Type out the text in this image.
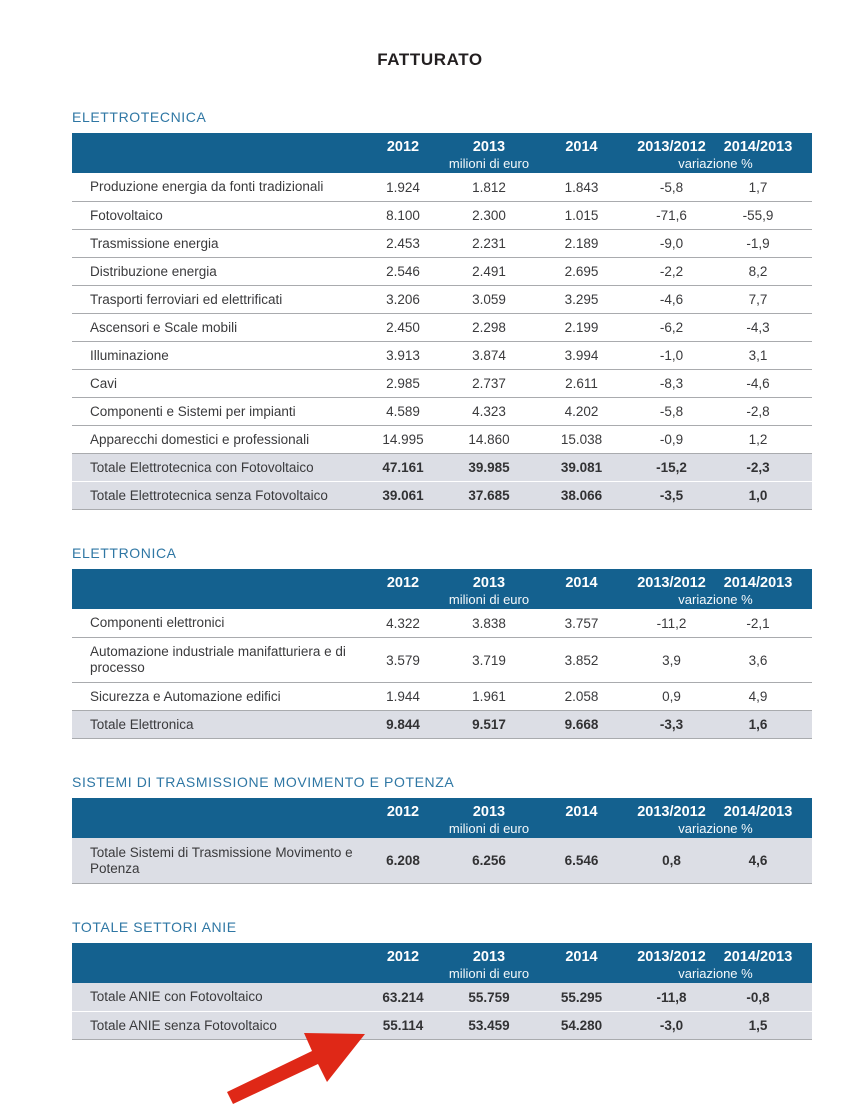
FATTURATO
ELETTROTECNICA
2012	2013	2014	2013/2012	2014/2013
milioni di euro	variazione %
Produzione energia da fonti tradizionali	1.924	1.812	1.843	-5,8	1,7
Fotovoltaico	8.100	2.300	1.015	-71,6	-55,9
Trasmissione energia	2.453	2.231	2.189	-9,0	-1,9
Distribuzione energia	2.546	2.491	2.695	-2,2	8,2
Trasporti ferroviari ed elettrificati	3.206	3.059	3.295	-4,6	7,7
Ascensori e Scale mobili	2.450	2.298	2.199	-6,2	-4,3
Illuminazione	3.913	3.874	3.994	-1,0	3,1
Cavi	2.985	2.737	2.611	-8,3	-4,6
Componenti e Sistemi per impianti	4.589	4.323	4.202	-5,8	-2,8
Apparecchi domestici e professionali	14.995	14.860	15.038	-0,9	1,2
Totale Elettrotecnica con Fotovoltaico	47.161	39.985	39.081	-15,2	-2,3
Totale Elettrotecnica senza Fotovoltaico	39.061	37.685	38.066	-3,5	1,0
ELETTRONICA
2012	2013	2014	2013/2012	2014/2013
milioni di euro	variazione %
Componenti elettronici	4.322	3.838	3.757	-11,2	-2,1
Automazione industriale manifatturiera e di processo	3.579	3.719	3.852	3,9	3,6
Sicurezza e Automazione edifici	1.944	1.961	2.058	0,9	4,9
Totale Elettronica	9.844	9.517	9.668	-3,3	1,6
SISTEMI DI TRASMISSIONE MOVIMENTO E POTENZA
2012	2013	2014	2013/2012	2014/2013
milioni di euro	variazione %
Totale Sistemi di Trasmissione Movimento e Potenza	6.208	6.256	6.546	0,8	4,6
TOTALE SETTORI ANIE
2012	2013	2014	2013/2012	2014/2013
milioni di euro	variazione %
Totale ANIE con Fotovoltaico	63.214	55.759	55.295	-11,8	-0,8
Totale ANIE senza Fotovoltaico	55.114	53.459	54.280	-3,0	1,5
